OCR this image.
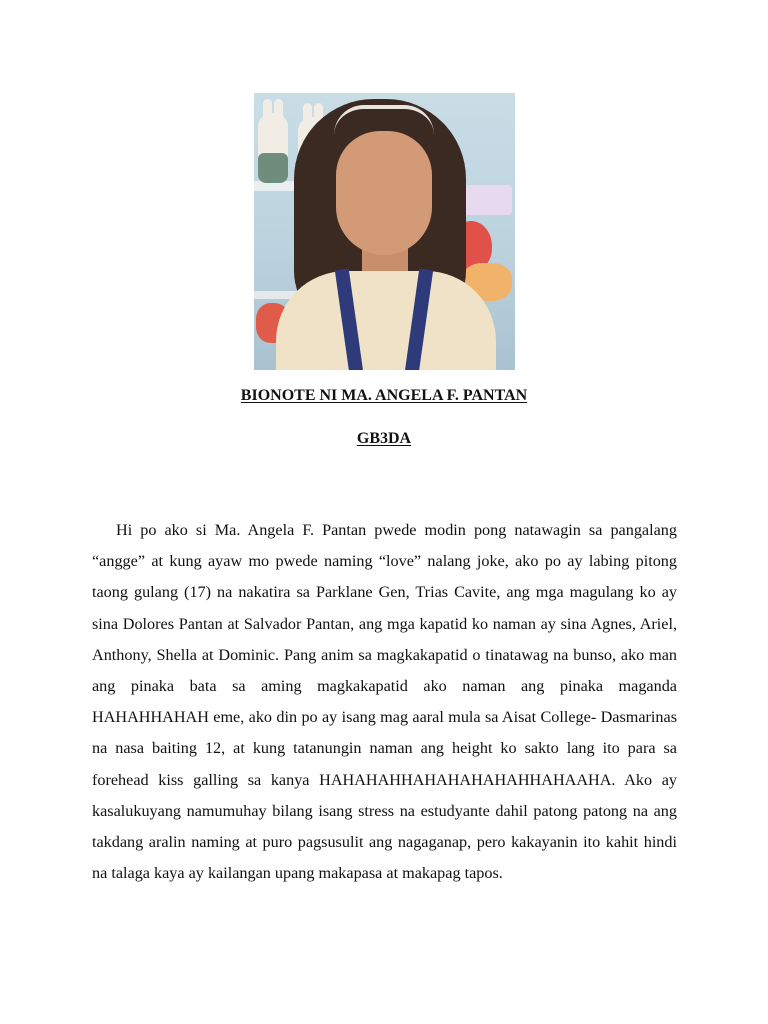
BIONOTE NI MA. ANGELA F. PANTAN

GB3DA

Hi po ako si Ma. Angela F. Pantan pwede modin pong natawagin sa pangalang “angge” at kung ayaw mo pwede naming “love” nalang joke, ako po ay labing pitong taong gulang (17) na nakatira sa Parklane Gen, Trias Cavite, ang mga magulang ko ay sina Dolores Pantan at Salvador Pantan, ang mga kapatid ko naman ay sina Agnes, Ariel, Anthony, Shella at Dominic. Pang anim sa magkakapatid o tinatawag na bunso, ako man ang pinaka bata sa aming magkakapatid ako naman ang pinaka maganda HAHAHHAHAH eme, ako din po ay isang mag aaral mula sa Aisat College- Dasmarinas na nasa baiting 12, at kung tatanungin naman ang height ko sakto lang ito para sa forehead kiss galling sa kanya HAHAHAHHAHAHAHAHAHHAHAAHA. Ako ay kasalukuyang namumuhay bilang isang stress na estudyante dahil patong patong na ang takdang aralin naming at puro pagsusulit ang nagaganap, pero kakayanin ito kahit hindi na talaga kaya ay kailangan upang makapasa at makapag tapos.
